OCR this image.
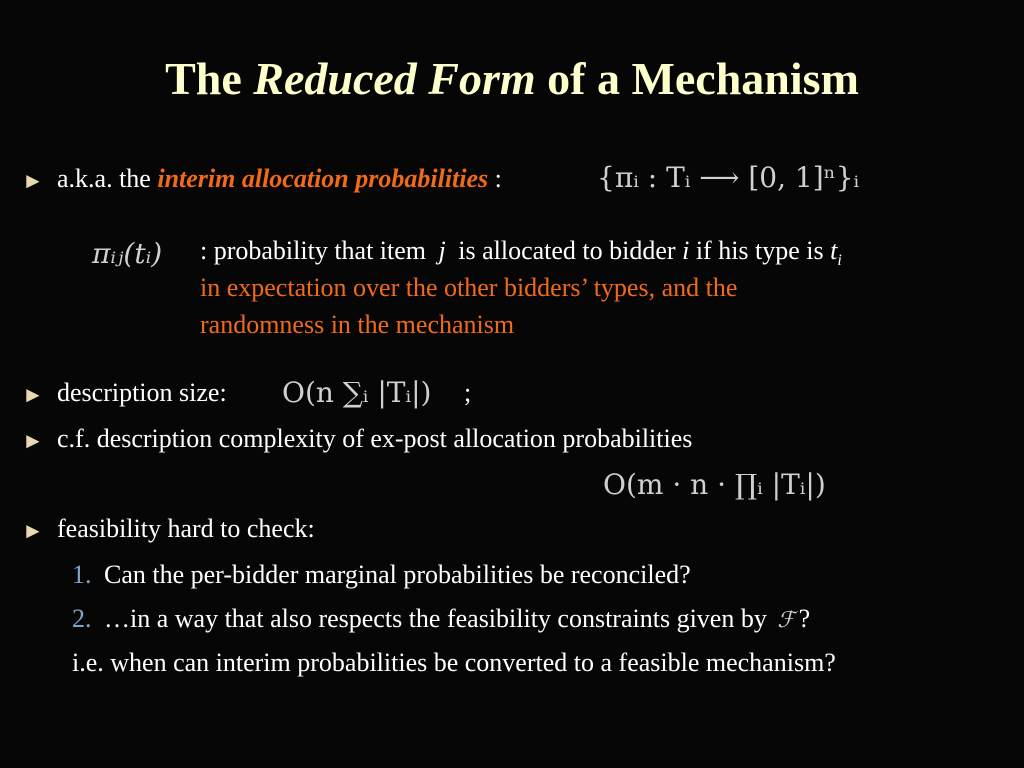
The Reduced Form of a Mechanism
► a.k.a. the interim allocation probabilities :	{πᵢ : Tᵢ ⟶ [0, 1]ⁿ}ᵢ
πᵢⱼ(tᵢ) : probability that item j is allocated to bidder i if his type is $t_i$
in expectation over the other bidders’ types, and the
randomness in the mechanism
► description size: O(n ∑ᵢ |Tᵢ|) ;
► c.f. description complexity of ex-post allocation probabilities
O(m · n · ∏ᵢ |Tᵢ|)
► feasibility hard to check:
1. Can the per-bidder marginal probabilities be reconciled?
2. …in a way that also respects the feasibility constraints given by ℱ ?
i.e. when can interim probabilities be converted to a feasible mechanism?
